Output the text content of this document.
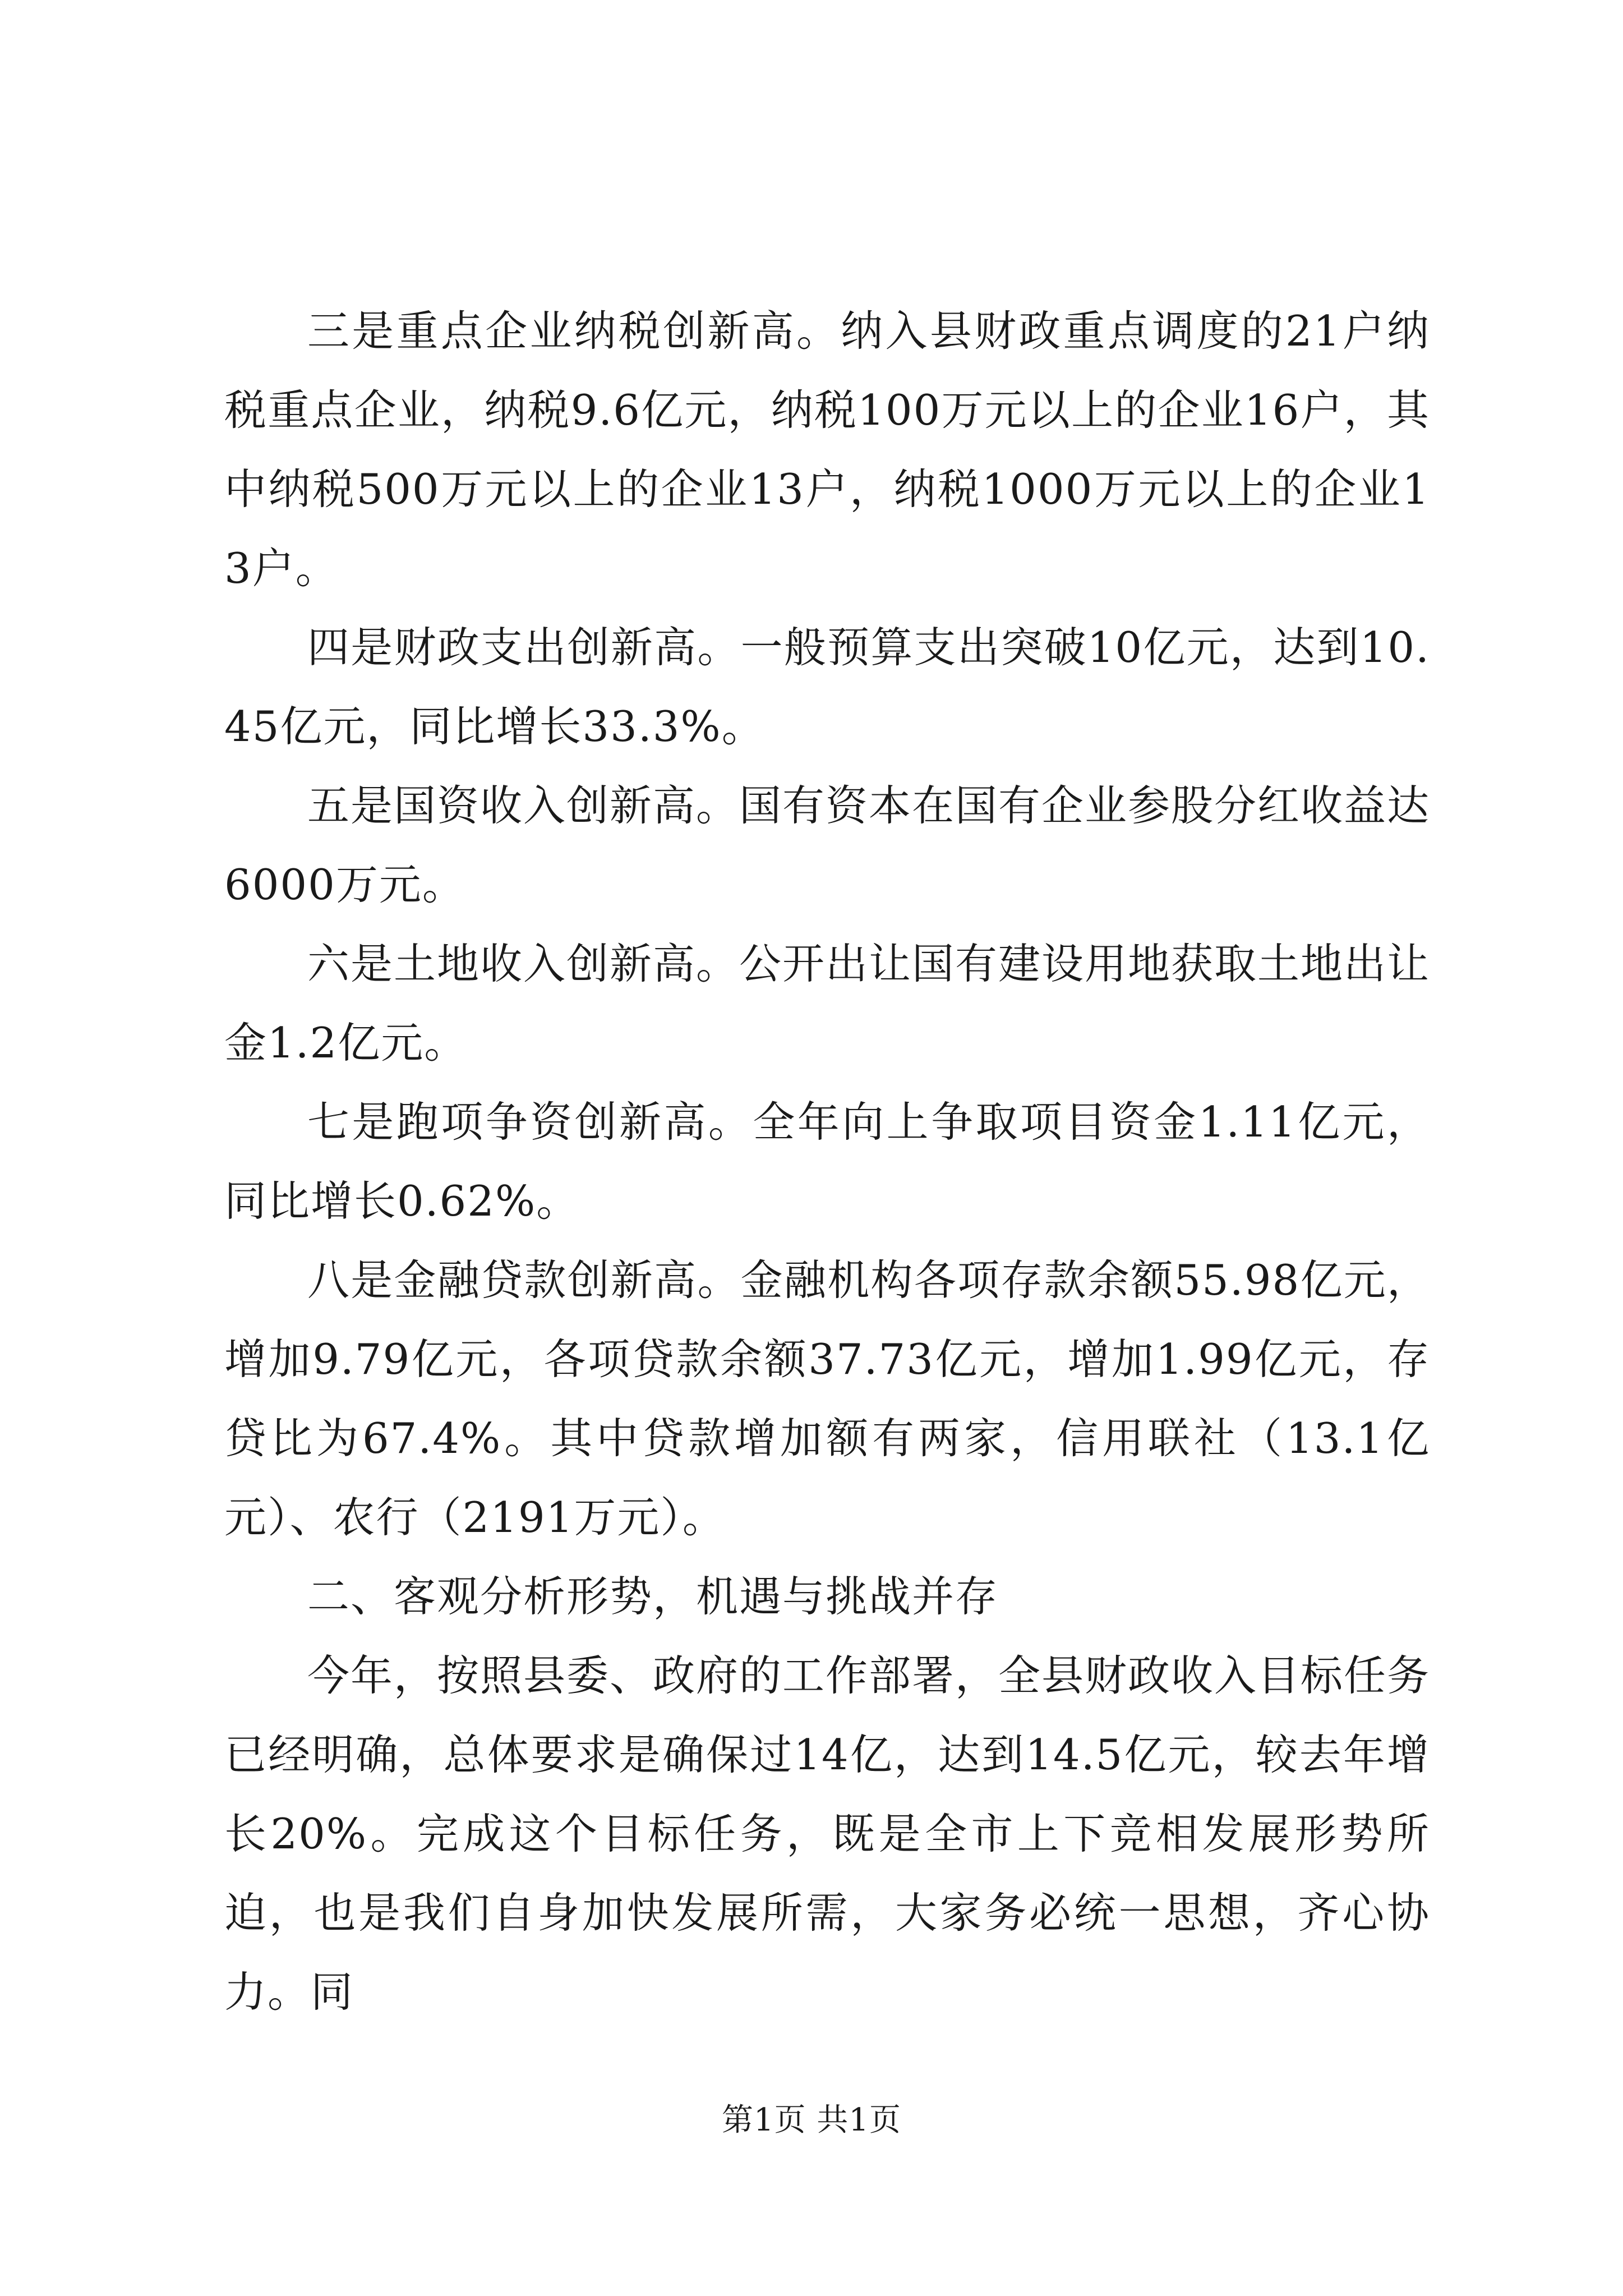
三是重点企业纳税创新高。纳入县财政重点调度的21户纳税重点企业，纳税9.6亿元，纳税100万元以上的企业16户，其中纳税500万元以上的企业13户，纳税1000万元以上的企业13户。

四是财政支出创新高。一般预算支出突破10亿元，达到10.45亿元，同比增长33.3%。

五是国资收入创新高。国有资本在国有企业参股分红收益达6000万元。

六是土地收入创新高。公开出让国有建设用地获取土地出让金1.2亿元。

七是跑项争资创新高。全年向上争取项目资金1.11亿元，同比增长0.62%。

八是金融贷款创新高。金融机构各项存款余额55.98亿元，增加9.79亿元，各项贷款余额37.73亿元，增加1.99亿元，存贷比为67.4%。其中贷款增加额有两家，信用联社（13.1亿元）、农行（2191万元）。

二、客观分析形势，机遇与挑战并存

今年，按照县委、政府的工作部署，全县财政收入目标任务已经明确，总体要求是确保过14亿，达到14.5亿元，较去年增长20%。完成这个目标任务，既是全市上下竞相发展形势所迫，也是我们自身加快发展所需，大家务必统一思想，齐心协力。同

第1页 共1页
